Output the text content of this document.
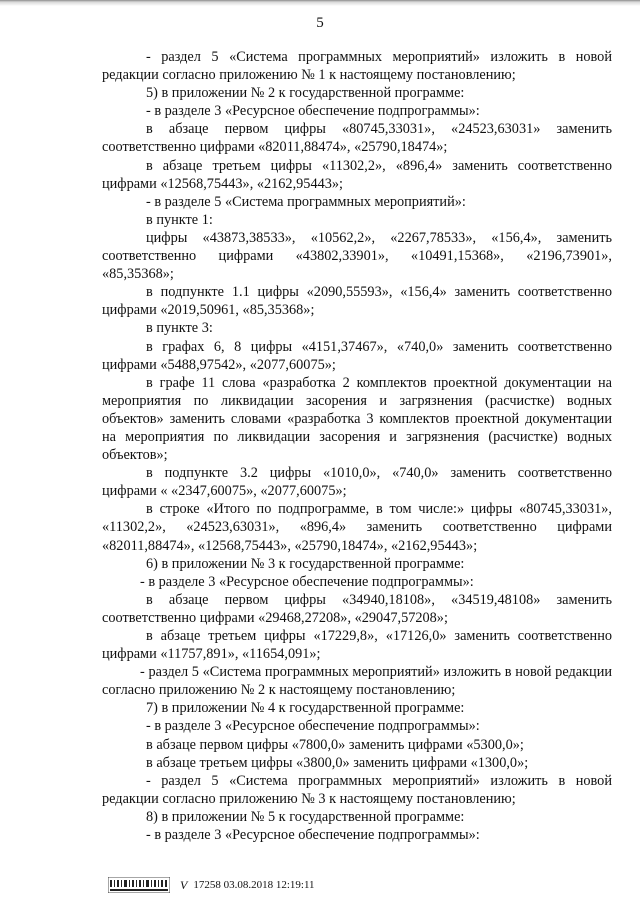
5

- раздел 5 «Система программных мероприятий» изложить в новой редакции согласно приложению № 1 к настоящему постановлению;

5) в приложении № 2 к государственной программе:

- в разделе 3 «Ресурсное обеспечение подпрограммы»:

в абзаце первом цифры «80745,33031», «24523,63031» заменить соответственно цифрами «82011,88474», «25790,18474»;

в абзаце третьем цифры «11302,2», «896,4» заменить соответственно цифрами «12568,75443», «2162,95443»;

- в разделе 5 «Система программных мероприятий»:

в пункте 1:

цифры «43873,38533», «10562,2», «2267,78533», «156,4», заменить соответственно цифрами «43802,33901», «10491,15368», «2196,73901», «85,35368»;

в подпункте 1.1 цифры «2090,55593», «156,4» заменить соответственно цифрами «2019,50961, «85,35368»;

в пункте 3:

в графах 6, 8 цифры «4151,37467», «740,0» заменить соответственно цифрами «5488,97542», «2077,60075»;

в графе 11 слова «разработка 2 комплектов проектной документации на мероприятия по ликвидации засорения и загрязнения (расчистке) водных объектов» заменить словами «разработка 3 комплектов проектной документации на мероприятия по ликвидации засорения и загрязнения (расчистке) водных объектов»;

в подпункте 3.2 цифры «1010,0», «740,0» заменить соответственно цифрами « «2347,60075», «2077,60075»;

в строке «Итого по подпрограмме, в том числе:» цифры «80745,33031», «11302,2», «24523,63031», «896,4» заменить соответственно цифрами «82011,88474», «12568,75443», «25790,18474», «2162,95443»;

6) в приложении № 3 к государственной программе:

- в разделе 3 «Ресурсное обеспечение подпрограммы»:

в абзаце первом цифры «34940,18108», «34519,48108» заменить соответственно цифрами «29468,27208», «29047,57208»;

в абзаце третьем цифры «17229,8», «17126,0» заменить соответственно цифрами «11757,891», «11654,091»;

- раздел 5 «Система программных мероприятий» изложить в новой редакции согласно приложению № 2 к настоящему постановлению;

7) в приложении № 4 к государственной программе:

- в разделе 3 «Ресурсное обеспечение подпрограммы»:

в абзаце первом цифры «7800,0» заменить цифрами «5300,0»;

в абзаце третьем цифры «3800,0» заменить цифрами «1300,0»;

- раздел 5 «Система программных мероприятий» изложить в новой редакции согласно приложению № 3 к настоящему постановлению;

8) в приложении № 5 к государственной программе:

- в разделе 3 «Ресурсное обеспечение подпрограммы»:

V 17258 03.08.2018 12:19:11
